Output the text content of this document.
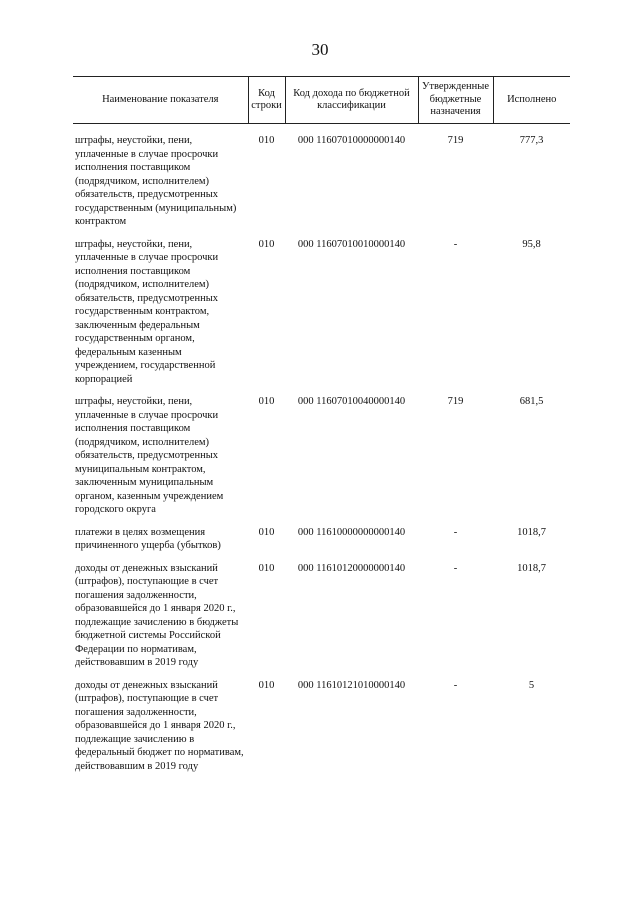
30
Наименование показателя	Код строки	Код дохода по бюджетной классификации	Утвержденные бюджетные назначения	Исполнено
штрафы, неустойки, пени, уплаченные в случае просрочки исполнения поставщиком (подрядчиком, исполнителем) обязательств, предусмотренных государственным (муниципальным) контрактом	010	000 11607010000000140	719	777,3
штрафы, неустойки, пени, уплаченные в случае просрочки исполнения поставщиком (подрядчиком, исполнителем) обязательств, предусмотренных государственным контрактом, заключенным федеральным государственным органом, федеральным казенным учреждением, государственной корпорацией	010	000 11607010010000140	-	95,8
штрафы, неустойки, пени, уплаченные в случае просрочки исполнения поставщиком (подрядчиком, исполнителем) обязательств, предусмотренных муниципальным контрактом, заключенным муниципальным органом, казенным учреждением городского округа	010	000 11607010040000140	719	681,5
платежи в целях возмещения причиненного ущерба (убытков)	010	000 11610000000000140	-	1018,7
доходы от денежных взысканий (штрафов), поступающие в счет погашения задолженности, образовавшейся до 1 января 2020 г., подлежащие зачислению в бюджеты бюджетной системы Российской Федерации по нормативам, действовавшим в 2019 году	010	000 11610120000000140	-	1018,7
доходы от денежных взысканий (штрафов), поступающие в счет погашения задолженности, образовавшейся до 1 января 2020 г., подлежащие зачислению в федеральный бюджет по нормативам, действовавшим в 2019 году	010	000 11610121010000140	-	5
